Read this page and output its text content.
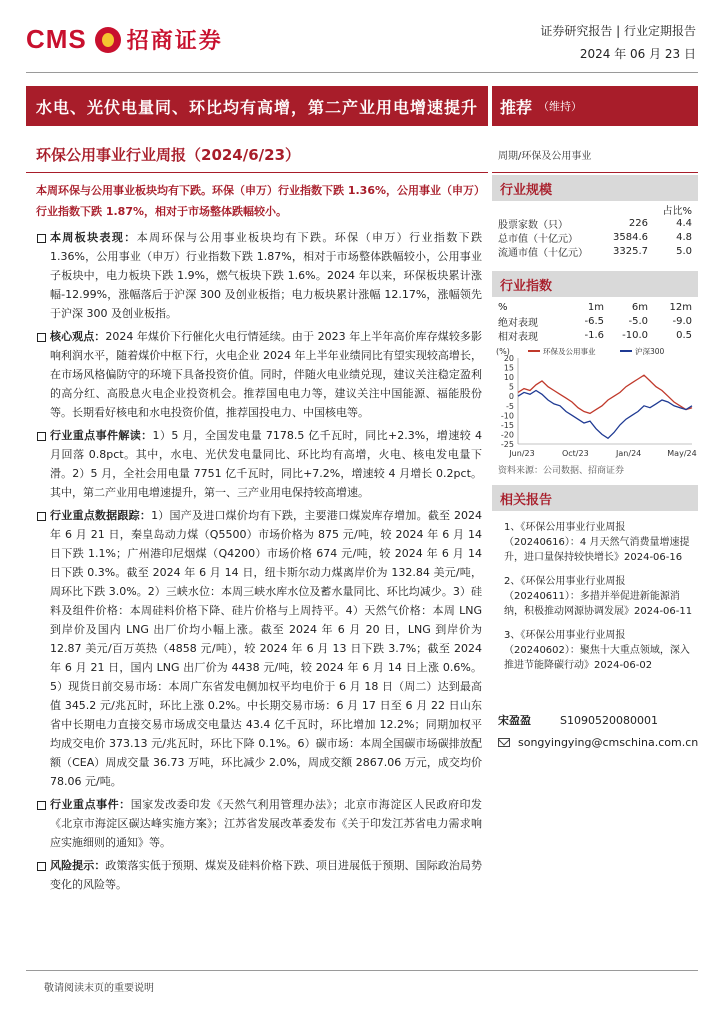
CMS 招商证券	证券研究报告 | 行业定期报告
2024 年 06 月 23 日
水电、光伏电量同、环比均有高增，第二产业用电增速提升 推荐 （维持）
环保公用事业行业周报（2024/6/23）	周期/环保及公用事业
本周环保与公用事业板块均有下跌。环保（申万）行业指数下跌 1.36%，公用事业（申万）行业指数下跌 1.87%，相对于市场整体跌幅较小。
本周板块表现：本周环保与公用事业板块均有下跌。环保（申万）行业指数下跌 1.36%，公用事业（申万）行业指数下跌 1.87%，相对于市场整体跌幅较小，公用事业子板块中，电力板块下跌 1.9%，燃气板块下跌 1.6%。2024 年以来，环保板块累计涨幅-12.99%，涨幅落后于沪深 300 及创业板指；电力板块累计涨幅 12.17%，涨幅领先于沪深 300 及创业板指。
核心观点：2024 年煤价下行催化火电行情延续。由于 2023 年上半年高价库存煤较多影响利润水平，随着煤价中枢下行，火电企业 2024 年上半年业绩同比有望实现较高增长，在市场风格偏防守的环境下具备投资价值。同时，伴随火电业绩兑现，建议关注稳定盈利的高分红、高股息火电企业投资机会。推荐国电电力等，建议关注中国能源、福能股份等。长期看好核电和水电投资价值，推荐国投电力、中国核电等。
行业重点事件解读：1）5 月，全国发电量 7178.5 亿千瓦时，同比+2.3%，增速较 4 月回落 0.8pct。其中，水电、光伏发电量同比、环比均有高增，火电、核电发电量下滑。2）5 月，全社会用电量 7751 亿千瓦时，同比+7.2%，增速较 4 月增长 0.2pct。其中，第二产业用电增速提升，第一、三产业用电保持较高增速。
行业重点数据跟踪：1）国产及进口煤价均有下跌，主要港口煤炭库存增加。截至 2024 年 6 月 21 日，秦皇岛动力煤（Q5500）市场价格为 875 元/吨，较 2024 年 6 月 14 日下跌 1.1%；广州港印尼烟煤（Q4200）市场价格 674 元/吨，较 2024 年 6 月 14 日下跌 0.3%。截至 2024 年 6 月 14 日，纽卡斯尔动力煤离岸价为 132.84 美元/吨，周环比下跌 3.0%。2）三峡水位：本周三峡水库水位及蓄水量同比、环比均减少。3）硅料及组件价格：本周硅料价格下降、硅片价格与上周持平。4）天然气价格：本周 LNG 到岸价及国内 LNG 出厂价均小幅上涨。截至 2024 年 6 月 20 日，LNG 到岸价为 12.87 美元/百万英热（4858 元/吨），较 2024 年 6 月 13 日下跌 3.7%；截至 2024 年 6 月 21 日，国内 LNG 出厂价为 4438 元/吨，较 2024 年 6 月 14 日上涨 0.6%。5）现货日前交易市场：本周广东省发电侧加权平均电价于 6 月 18 日（周二）达到最高值 345.2 元/兆瓦时，环比上涨 0.2%。中长期交易市场：6 月 17 日至 6 月 22 日山东省中长期电力直接交易市场成交电量达 43.4 亿千瓦时，环比增加 12.2%；同期加权平均成交电价 373.13 元/兆瓦时，环比下降 0.1%。6）碳市场：本周全国碳市场碳排放配额（CEA）周成交量 36.73 万吨，环比减少 2.0%，周成交额 2867.06 万元，成交均价 78.06 元/吨。
行业重点事件：国家发改委印发《天然气利用管理办法》；北京市海淀区人民政府印发《北京市海淀区碳达峰实施方案》；江苏省发展改革委发布《关于印发江苏省电力需求响应实施细则的通知》等。
风险提示：政策落实低于预期、煤炭及硅料价格下跌、项目进展低于预期、国际政治局势变化的风险等。
行业规模
占比%
股票家数（只）	226	4.4
总市值（十亿元）	3584.6	4.8
流通市值（十亿元）	3325.7	5.0
行业指数
%	1m	6m	12m
绝对表现	-6.5	-5.0	-9.0
相对表现	-1.6	-10.0	0.5
(%)
20
15
10
5
0
-5
-10
-15
-20
-25
Jun/23	Oct/23	Jan/24	May/24
环保及公用事业	沪深300
资料来源：公司数据、招商证券
相关报告
1、《环保公用事业行业周报（20240616）：4 月天然气消费量增速提升，进口量保持较快增长》2024-06-16
2、《环保公用事业行业周报（20240611）：多措并举促进新能源消纳，积极推动网源协调发展》2024-06-11
3、《环保公用事业行业周报（20240602）：聚焦十大重点领域，深入推进节能降碳行动》2024-06-02
宋盈盈	S1090520080001
songyingying@cmschina.com.cn
敬请阅读末页的重要说明
